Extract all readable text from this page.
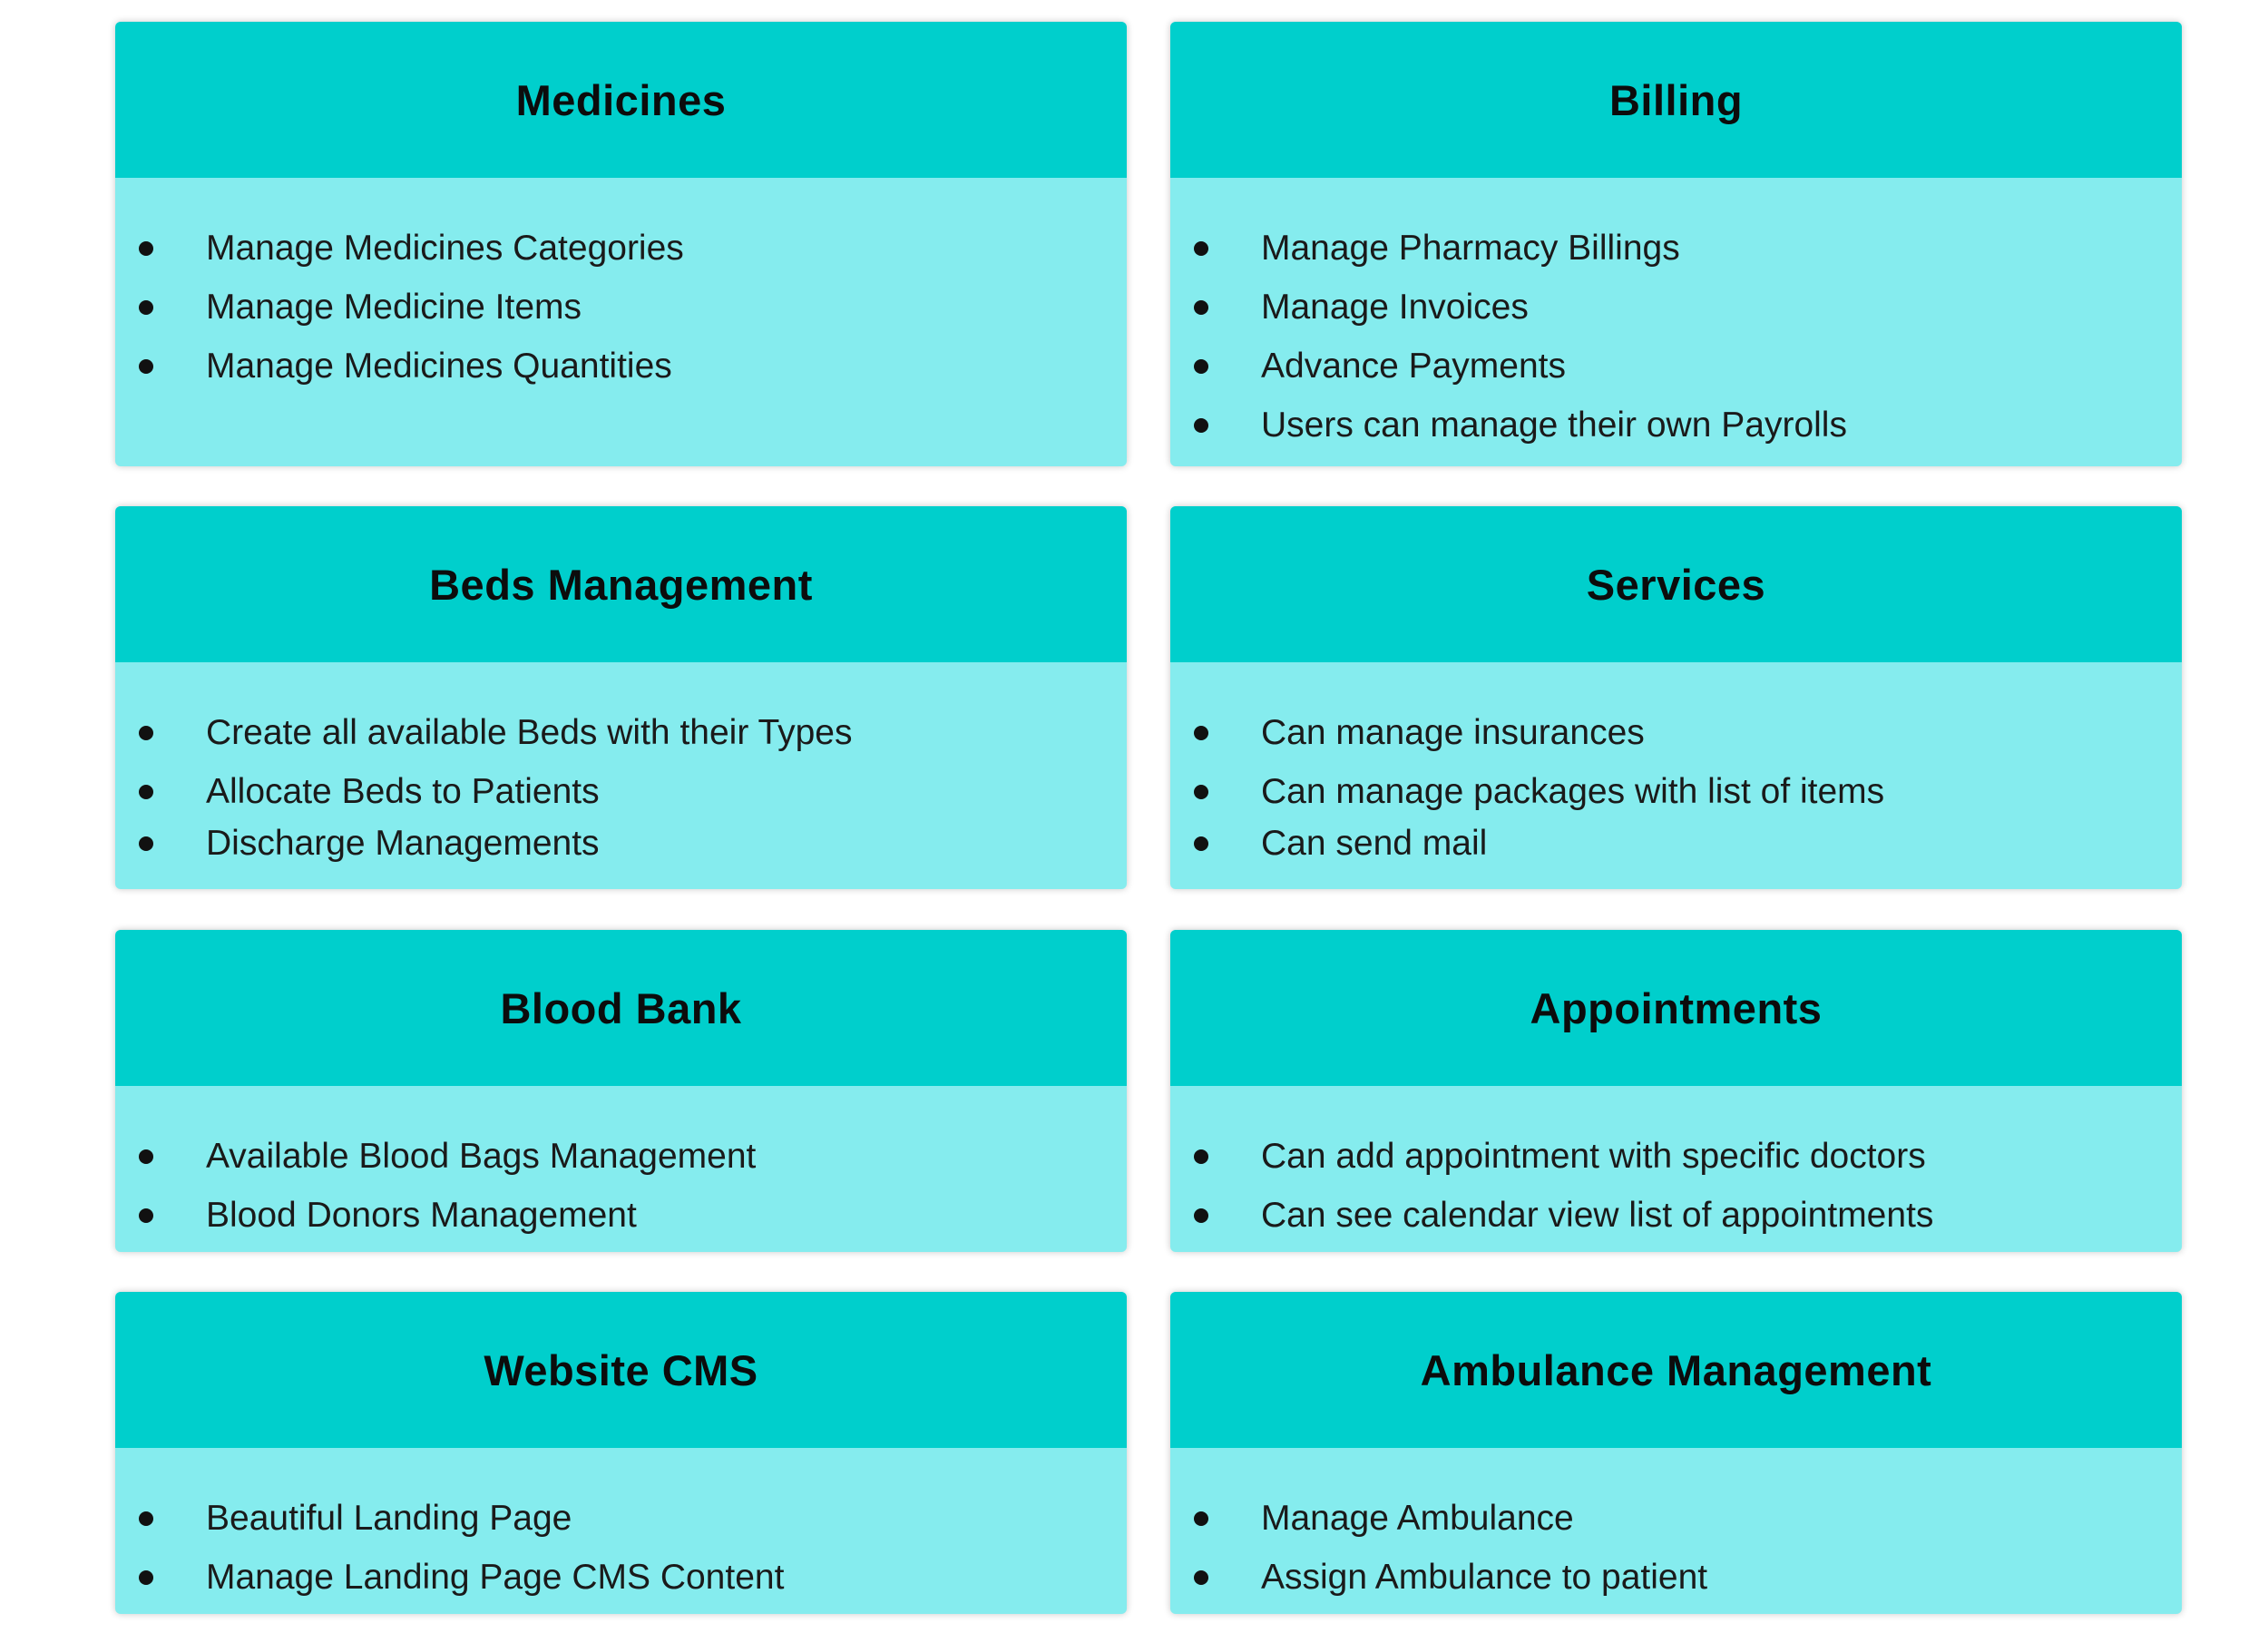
Medicines
Manage Medicines Categories
Manage Medicine Items
Manage Medicines Quantities
Billing
Manage Pharmacy Billings
Manage Invoices
Advance Payments
Users can manage their own Payrolls
Beds Management
Create all available Beds with their Types
Allocate Beds to Patients
Discharge Managements
Services
Can manage insurances
Can manage packages with list of items
Can send mail
Blood Bank
Available Blood Bags Management
Blood Donors Management
Appointments
Can add appointment with specific doctors
Can see calendar view list of appointments
Website CMS
Beautiful Landing Page
Manage Landing Page CMS Content
Ambulance Management
Manage Ambulance
Assign Ambulance to patient
